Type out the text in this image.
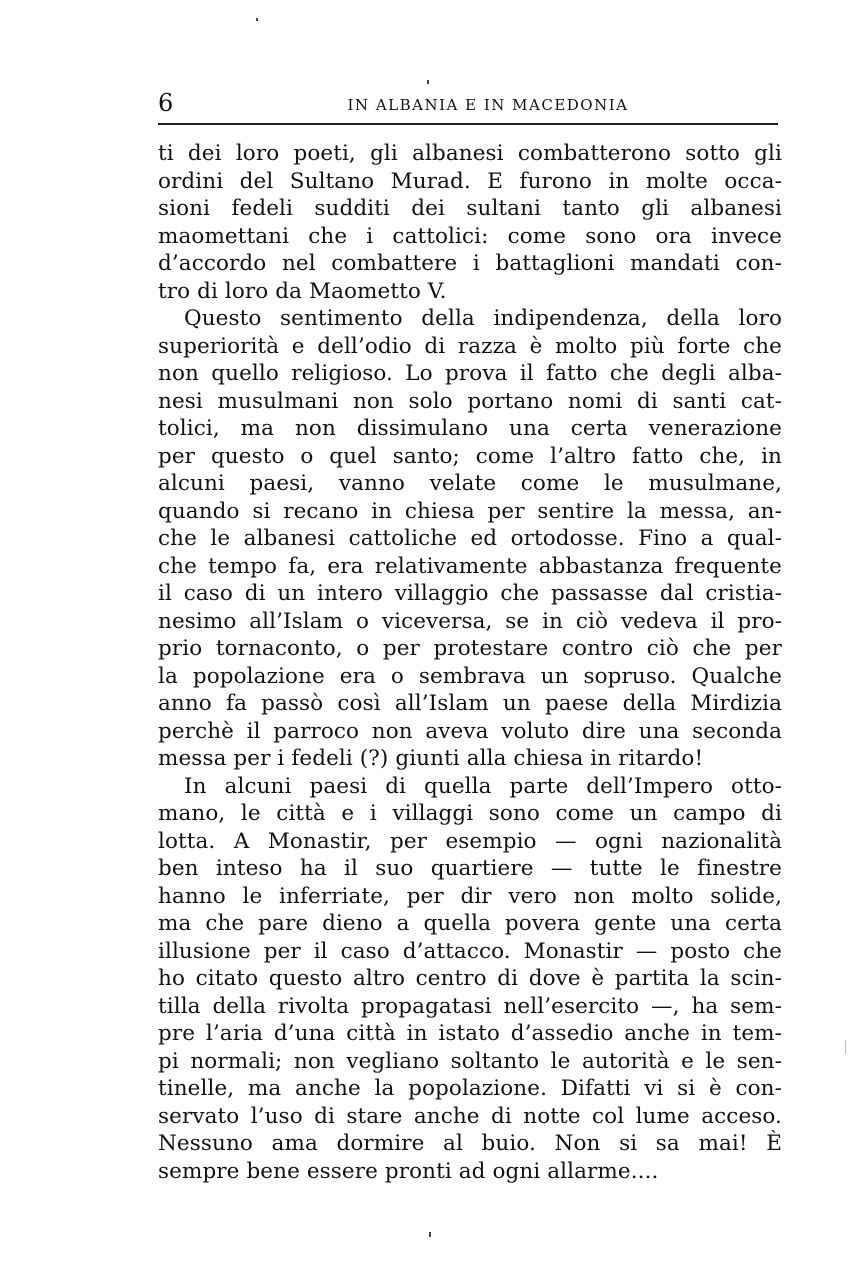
6	IN ALBANIA E IN MACEDONIA
ti dei loro poeti, gli albanesi combatterono sotto gli
ordini del Sultano Murad. E furono in molte occa-
sioni fedeli sudditi dei sultani tanto gli albanesi
maomettani che i cattolici: come sono ora invece
d’accordo nel combattere i battaglioni mandati con-
tro di loro da Maometto V.
Questo sentimento della indipendenza, della loro
superiorità e dell’odio di razza è molto più forte che
non quello religioso. Lo prova il fatto che degli alba-
nesi musulmani non solo portano nomi di santi cat-
tolici, ma non dissimulano una certa venerazione
per questo o quel santo; come l’altro fatto che, in
alcuni paesi, vanno velate come le musulmane,
quando si recano in chiesa per sentire la messa, an-
che le albanesi cattoliche ed ortodosse. Fino a qual-
che tempo fa, era relativamente abbastanza frequente
il caso di un intero villaggio che passasse dal cristia-
nesimo all’Islam o viceversa, se in ciò vedeva il pro-
prio tornaconto, o per protestare contro ciò che per
la popolazione era o sembrava un sopruso. Qualche
anno fa passò così all’Islam un paese della Mirdizia
perchè il parroco non aveva voluto dire una seconda
messa per i fedeli (?) giunti alla chiesa in ritardo!
In alcuni paesi di quella parte dell’Impero otto-
mano, le città e i villaggi sono come un campo di
lotta. A Monastir, per esempio — ogni nazionalità
ben inteso ha il suo quartiere — tutte le finestre
hanno le inferriate, per dir vero non molto solide,
ma che pare dieno a quella povera gente una certa
illusione per il caso d’attacco. Monastir — posto che
ho citato questo altro centro di dove è partita la scin-
tilla della rivolta propagatasi nell’esercito —, ha sem-
pre l’aria d’una città in istato d’assedio anche in tem-
pi normali; non vegliano soltanto le autorità e le sen-
tinelle, ma anche la popolazione. Difatti vi si è con-
servato l’uso di stare anche di notte col lume acceso.
Nessuno ama dormire al buio. Non si sa mai! È
sempre bene essere pronti ad ogni allarme....
